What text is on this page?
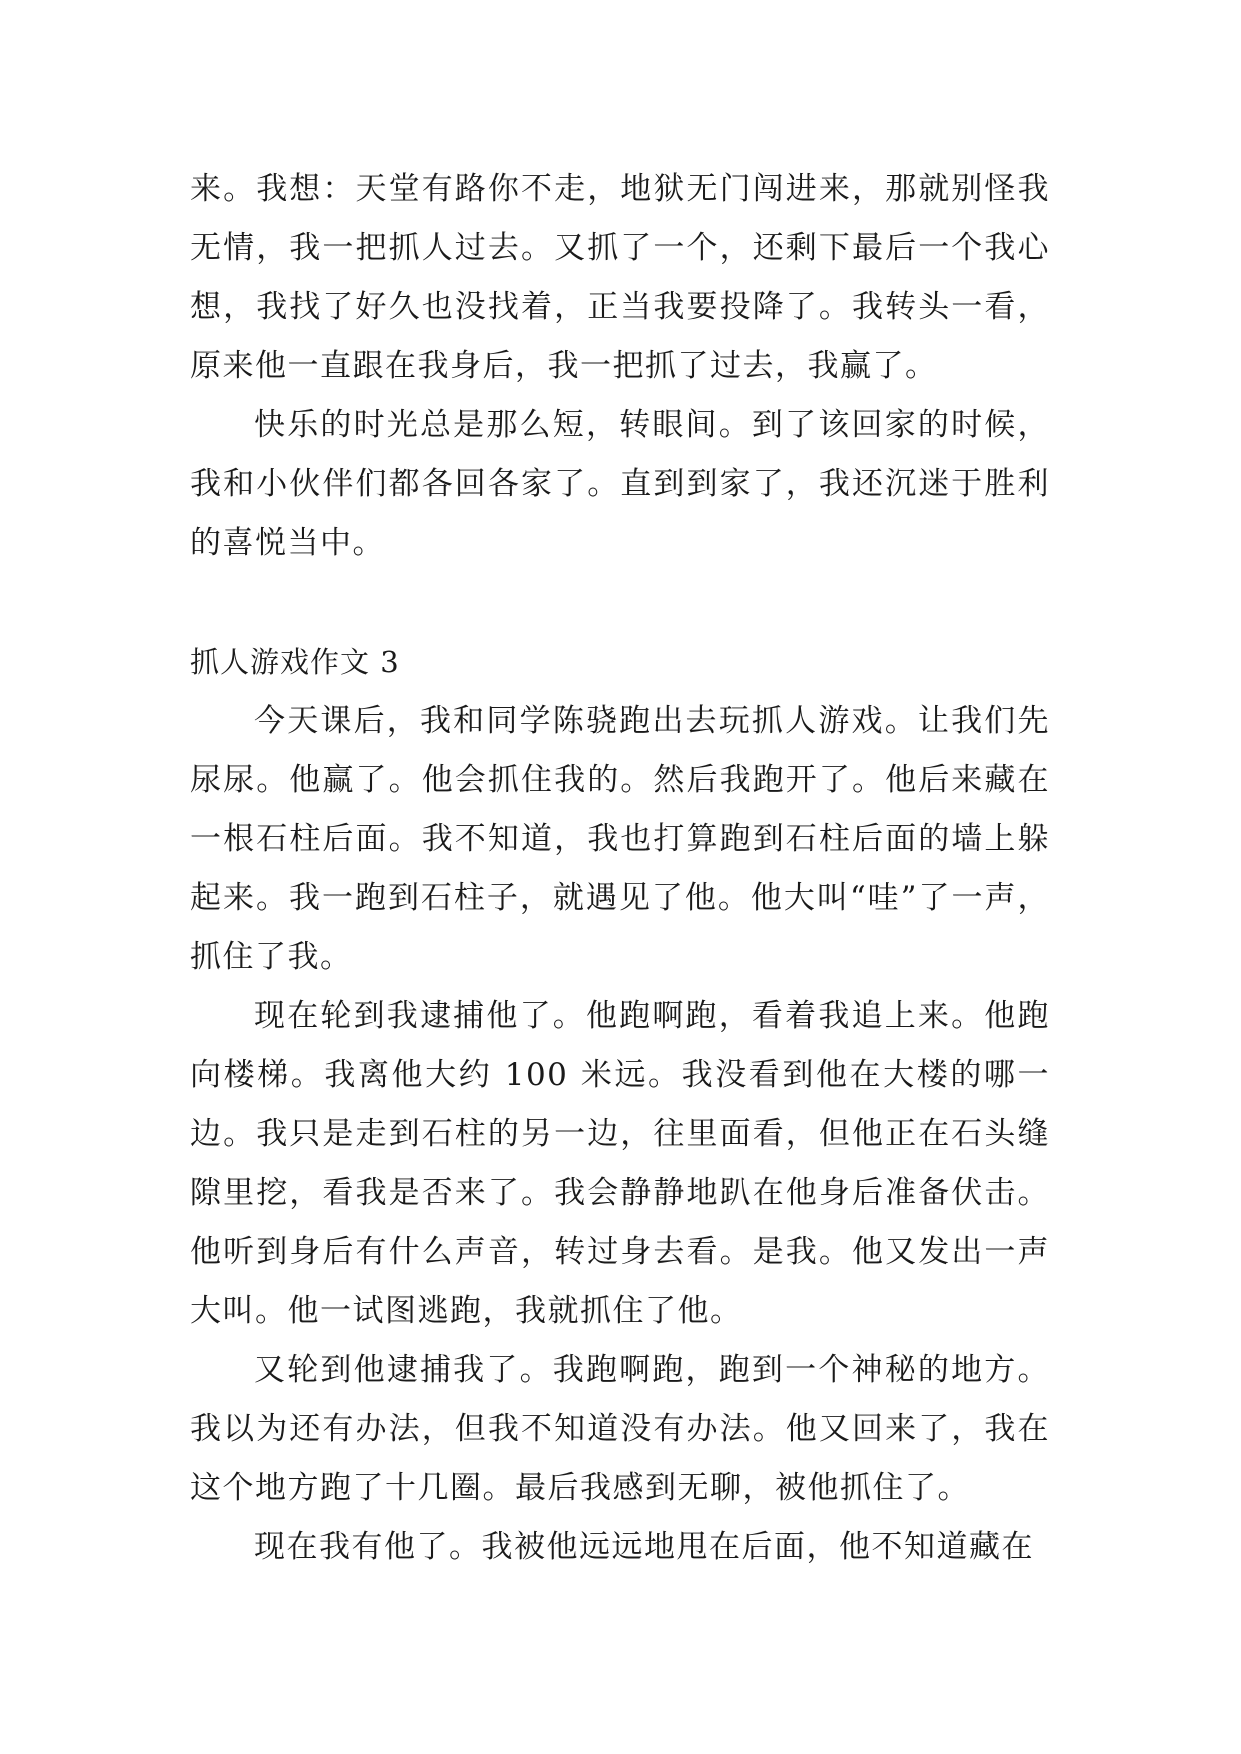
来。我想：天堂有路你不走，地狱无门闯进来，那就别怪我无情，我一把抓人过去。又抓了一个，还剩下最后一个我心想，我找了好久也没找着，正当我要投降了。我转头一看，原来他一直跟在我身后，我一把抓了过去，我赢了。

快乐的时光总是那么短，转眼间。到了该回家的时候，我和小伙伴们都各回各家了。直到到家了，我还沉迷于胜利的喜悦当中。

抓人游戏作文 3

今天课后，我和同学陈骁跑出去玩抓人游戏。让我们先尿尿。他赢了。他会抓住我的。然后我跑开了。他后来藏在一根石柱后面。我不知道，我也打算跑到石柱后面的墙上躲起来。我一跑到石柱子，就遇见了他。他大叫“哇”了一声，抓住了我。

现在轮到我逮捕他了。他跑啊跑，看着我追上来。他跑向楼梯。我离他大约 100 米远。我没看到他在大楼的哪一边。我只是走到石柱的另一边，往里面看，但他正在石头缝隙里挖，看我是否来了。我会静静地趴在他身后准备伏击。他听到身后有什么声音，转过身去看。是我。他又发出一声大叫。他一试图逃跑，我就抓住了他。

又轮到他逮捕我了。我跑啊跑，跑到一个神秘的地方。我以为还有办法，但我不知道没有办法。他又回来了，我在这个地方跑了十几圈。最后我感到无聊，被他抓住了。

现在我有他了。我被他远远地甩在后面，他不知道藏在
